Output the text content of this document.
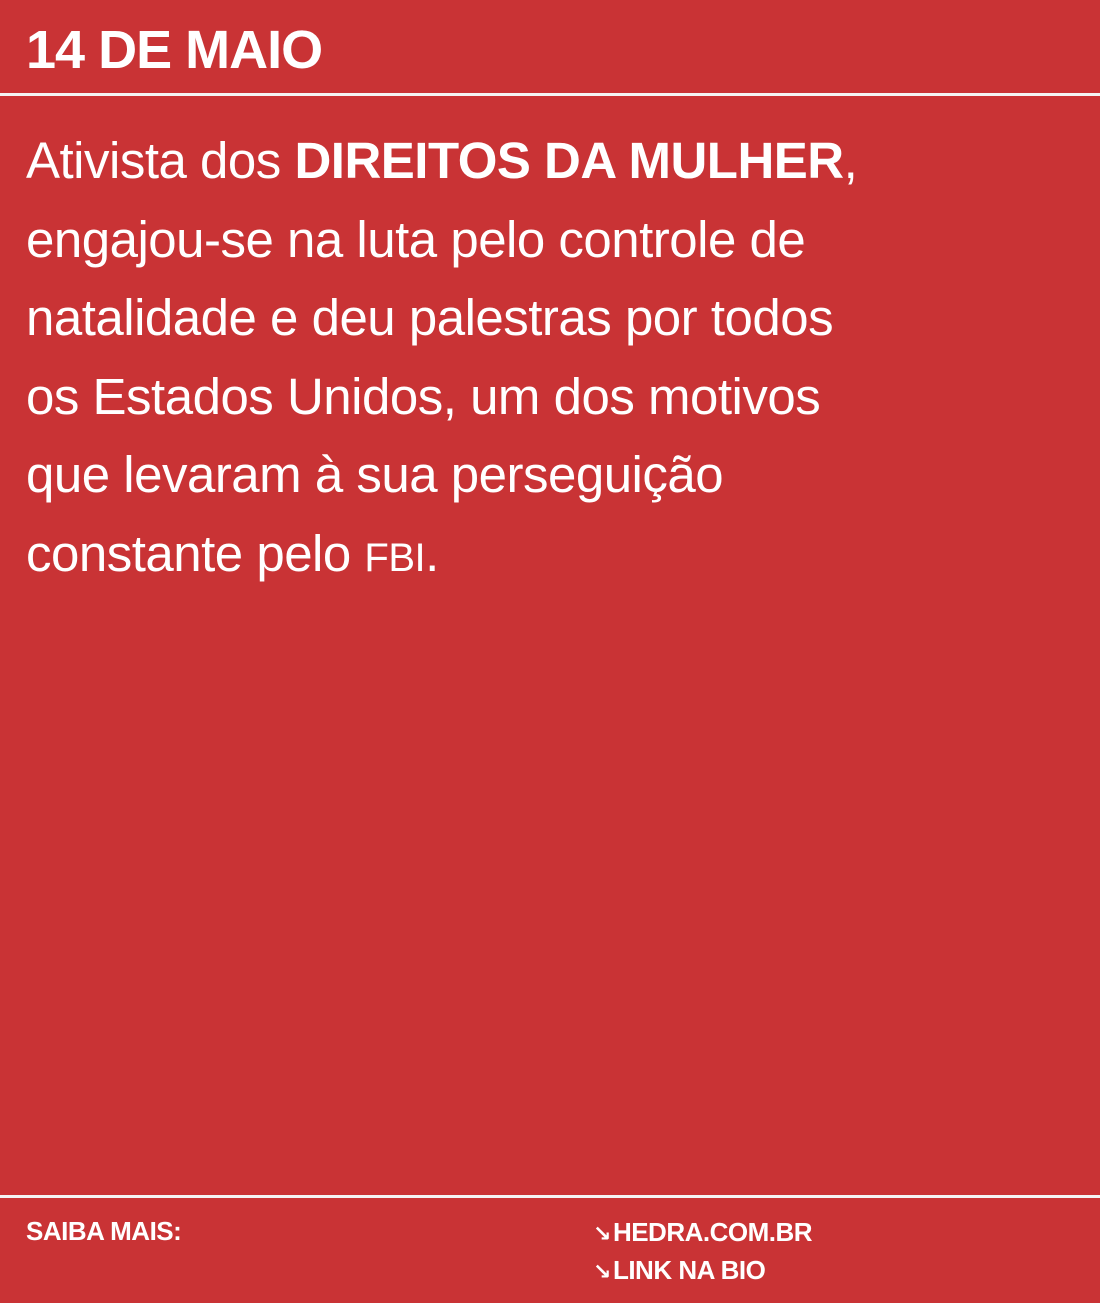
14 DE MAIO
Ativista dos DIREITOS DA MULHER,
engajou-se na luta pelo controle de
natalidade e deu palestras por todos
os Estados Unidos, um dos motivos
que levaram à sua perseguição
constante pelo FBI.
SAIBA MAIS:	↘HEDRA.COM.BR
↘LINK NA BIO
